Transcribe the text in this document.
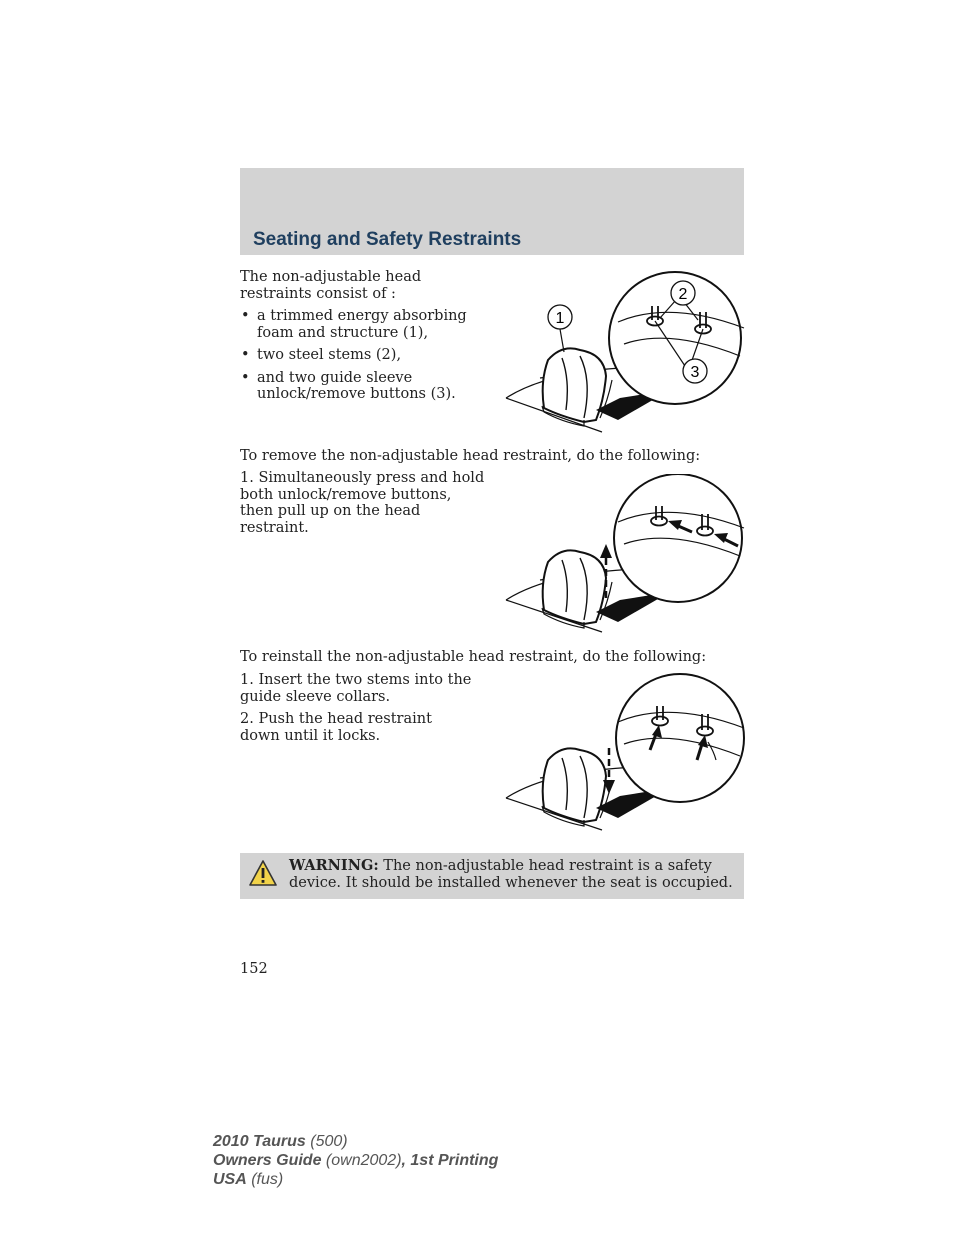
Seating and Safety Restraints

The non-adjustable head restraints consist of :

• a trimmed energy absorbing foam and structure (1),
• two steel stems (2),
• and two guide sleeve unlock/remove buttons (3).
1
2
3
To remove the non-adjustable head restraint, do the following:
1. Simultaneously press and hold both unlock/remove buttons, then pull up on the head restraint.
To reinstall the non-adjustable head restraint, do the following:

1. Insert the two stems into the guide sleeve collars.

2. Push the head restraint down until it locks.

WARNING: The non-adjustable head restraint is a safety device. It should be installed whenever the seat is occupied.
152
2010 Taurus (500)
Owners Guide (own2002), 1st Printing
USA (fus)
